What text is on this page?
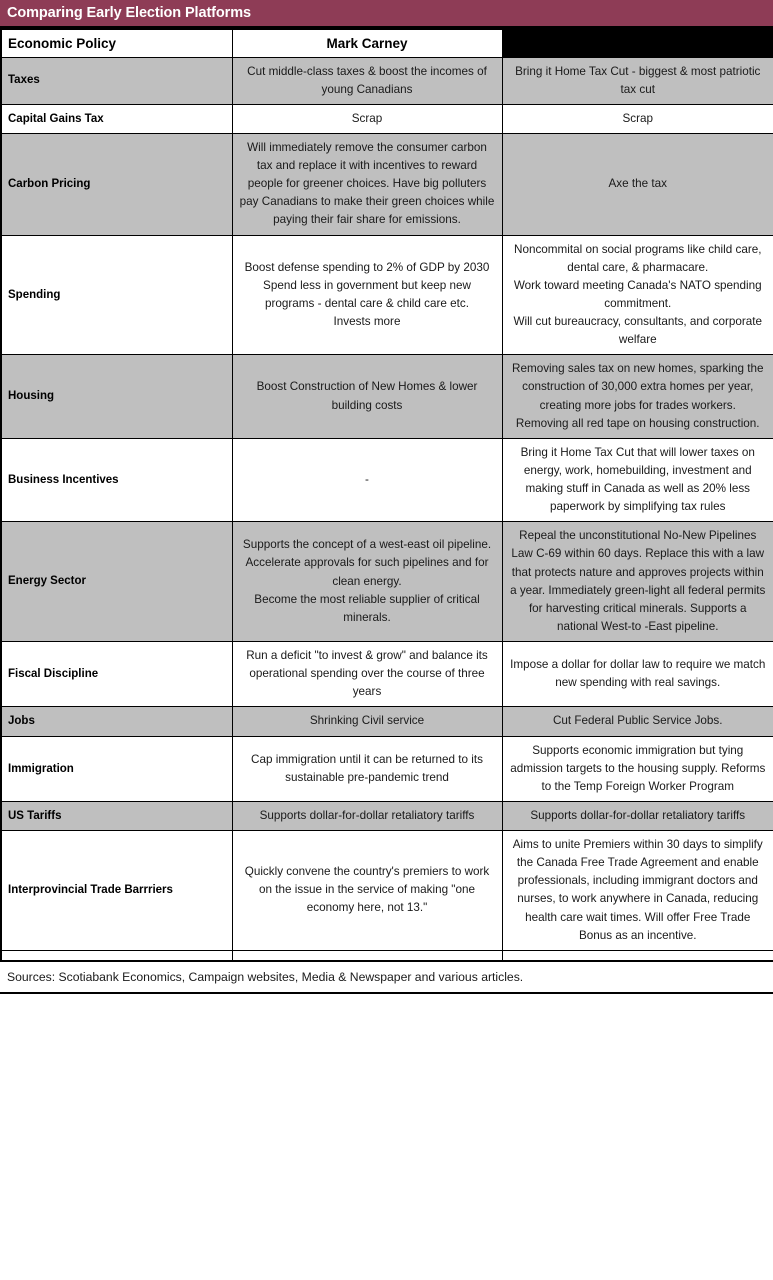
Comparing Early Election Platforms
Economic Policy	Mark Carney	
Taxes	Cut middle-class taxes & boost the incomes of young Canadians	Bring it Home Tax Cut - biggest & most patriotic tax cut
Capital Gains Tax	Scrap	Scrap
Carbon Pricing	Will immediately remove the consumer carbon tax and replace it with incentives to reward people for greener choices. Have big polluters pay Canadians to make their green choices while paying their fair share for emissions.	Axe the tax
Spending	Boost defense spending to 2% of GDP by 2030
Spend less in government but keep new programs - dental care & child care etc.
Invests more	Noncommital on social programs like child care, dental care, & pharmacare.
Work toward meeting Canada's NATO spending commitment.
Will cut bureaucracy, consultants, and corporate welfare
Housing	Boost Construction of New Homes & lower building costs	Removing sales tax on new homes, sparking the construction of 30,000 extra homes per year, creating more jobs for trades workers.
Removing all red tape on housing construction.
Business Incentives	-	Bring it Home Tax Cut that will lower taxes on energy, work, homebuilding, investment and making stuff in Canada as well as 20% less paperwork by simplifying tax rules
Energy Sector	Supports the concept of a west-east oil pipeline.
Accelerate approvals for such pipelines and for clean energy.
Become the most reliable supplier of critical minerals.	Repeal the unconstitutional No-New Pipelines Law C-69 within 60 days. Replace this with a law that protects nature and approves projects within a year. Immediately green-light all federal permits for harvesting critical minerals. Supports a national West-to -East pipeline.
Fiscal Discipline	Run a deficit "to invest & grow" and balance its operational spending over the course of three years	Impose a dollar for dollar law to require we match new spending with real savings.
Jobs	Shrinking Civil service	Cut Federal Public Service Jobs.
Immigration	Cap immigration until it can be returned to its sustainable pre-pandemic trend	Supports economic immigration but tying admission targets to the housing supply. Reforms to the Temp Foreign Worker Program
US Tariffs	Supports dollar-for-dollar retaliatory tariffs	Supports dollar-for-dollar retaliatory tariffs
Interprovincial Trade Barrriers	Quickly convene the country's premiers to work on the issue in the service of making "one economy here, not 13."	Aims to unite Premiers within 30 days to simplify the Canada Free Trade Agreement and enable professionals, including immigrant doctors and nurses, to work anywhere in Canada, reducing health care wait times. Will offer Free Trade Bonus as an incentive.

Sources: Scotiabank Economics, Campaign websites, Media & Newspaper and various articles.
